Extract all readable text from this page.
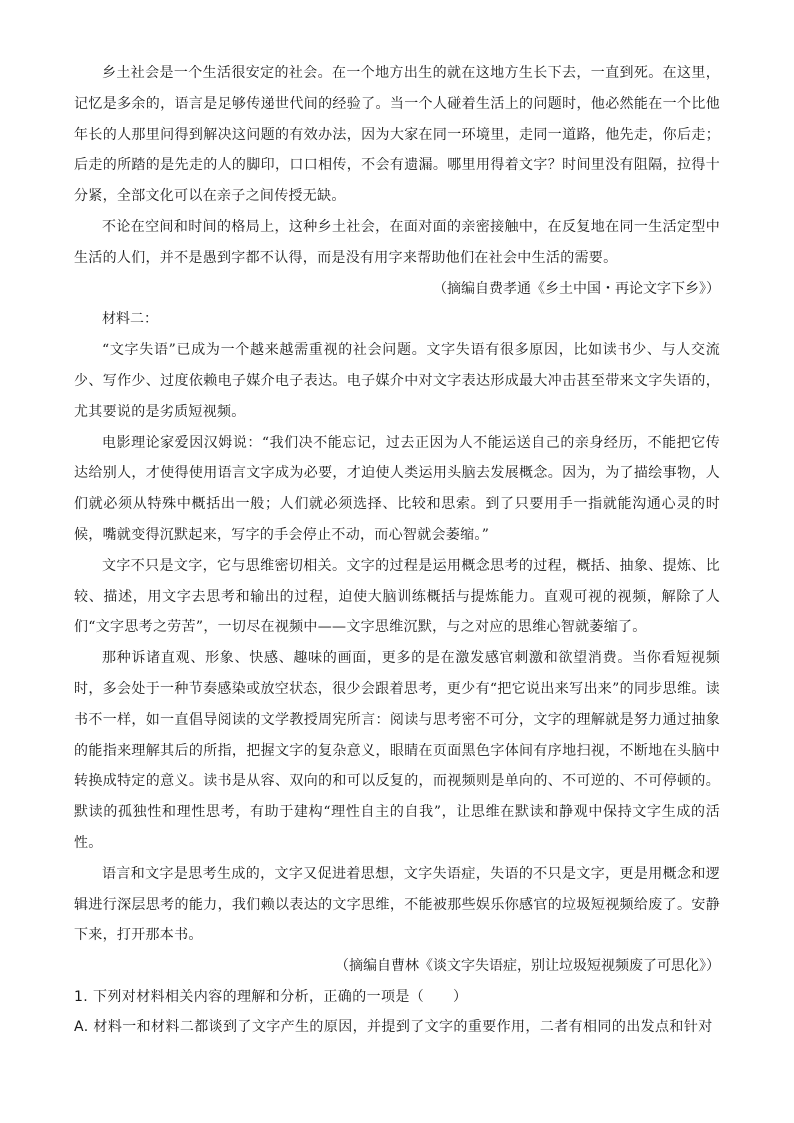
乡土社会是一个生活很安定的社会。在一个地方出生的就在这地方生长下去，一直到死。在这里，记忆是多余的，语言是足够传递世代间的经验了。当一个人碰着生活上的问题时，他必然能在一个比他年长的人那里问得到解决这问题的有效办法，因为大家在同一环境里，走同一道路，他先走，你后走；后走的所踏的是先走的人的脚印，口口相传，不会有遗漏。哪里用得着文字？时间里没有阻隔，拉得十分紧，全部文化可以在亲子之间传授无缺。

不论在空间和时间的格局上，这种乡土社会，在面对面的亲密接触中，在反复地在同一生活定型中生活的人们，并不是愚到字都不认得，而是没有用字来帮助他们在社会中生活的需要。

（摘编自费孝通《乡土中国・再论文字下乡》）

材料二：

“文字失语”已成为一个越来越需重视的社会问题。文字失语有很多原因，比如读书少、与人交流少、写作少、过度依赖电子媒介电子表达。电子媒介中对文字表达形成最大冲击甚至带来文字失语的，尤其要说的是劣质短视频。

电影理论家爱因汉姆说：“我们决不能忘记，过去正因为人不能运送自己的亲身经历，不能把它传达给别人，才使得使用语言文字成为必要，才迫使人类运用头脑去发展概念。因为，为了描绘事物，人们就必须从特殊中概括出一般；人们就必须选择、比较和思索。到了只要用手一指就能沟通心灵的时候，嘴就变得沉默起来，写字的手会停止不动，而心智就会萎缩。”

文字不只是文字，它与思维密切相关。文字的过程是运用概念思考的过程，概括、抽象、提炼、比较、描述，用文字去思考和输出的过程，迫使大脑训练概括与提炼能力。直观可视的视频，解除了人们“文字思考之劳苦”，一切尽在视频中——文字思维沉默，与之对应的思维心智就萎缩了。

那种诉诸直观、形象、快感、趣味的画面，更多的是在激发感官刺激和欲望消费。当你看短视频时，多会处于一种节奏感染或放空状态，很少会跟着思考，更少有“把它说出来写出来”的同步思维。读书不一样，如一直倡导阅读的文学教授周宪所言：阅读与思考密不可分，文字的理解就是努力通过抽象的能指来理解其后的所指，把握文字的复杂意义，眼睛在页面黑色字体间有序地扫视，不断地在头脑中转换成特定的意义。读书是从容、双向的和可以反复的，而视频则是单向的、不可逆的、不可停顿的。默读的孤独性和理性思考，有助于建构“理性自主的自我”，让思维在默读和静观中保持文字生成的活性。

语言和文字是思考生成的，文字又促进着思想，文字失语症，失语的不只是文字，更是用概念和逻辑进行深层思考的能力，我们赖以表达的文字思维，不能被那些娱乐你感官的垃圾短视频给废了。安静下来，打开那本书。

（摘编自曹林《谈文字失语症，别让垃圾短视频废了可思化》）

1. 下列对材料相关内容的理解和分析，正确的一项是（　　）

A. 材料一和材料二都谈到了文字产生的原因，并提到了文字的重要作用，二者有相同的出发点和针对
